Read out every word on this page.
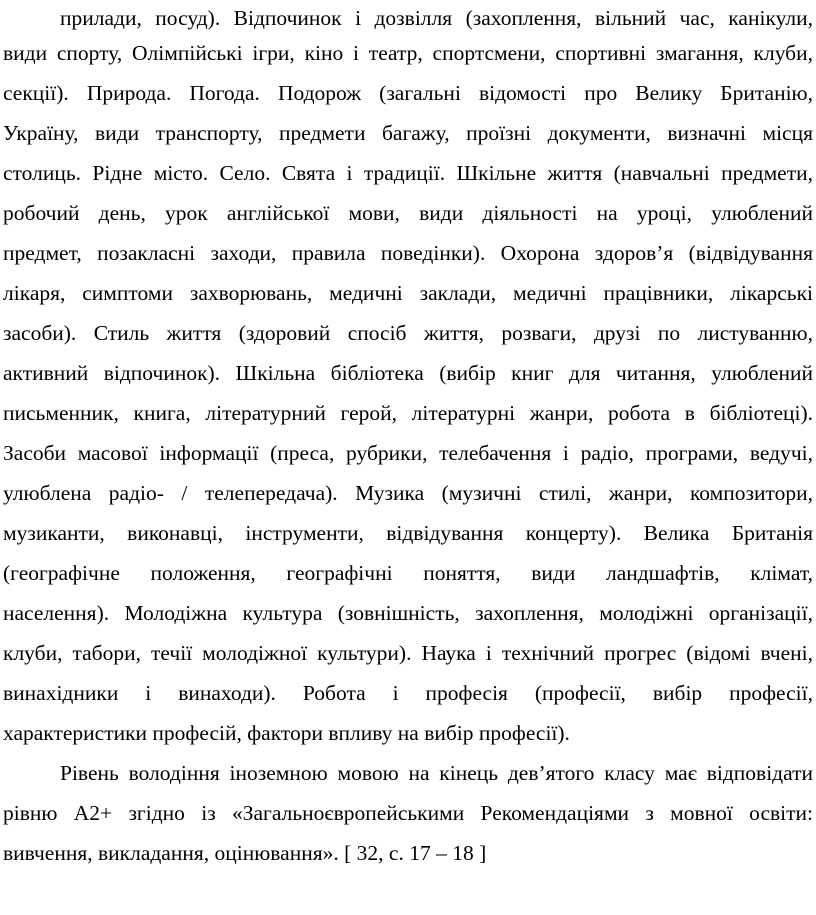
прилади, посуд). Відпочинок і дозвілля (захоплення, вільний час, канікули,
види спорту, Олімпійські ігри, кіно і театр, спортсмени, спортивні змагання, клуби,
секції). Природа. Погода. Подорож (загальні відомості про Велику Британію,
Україну, види транспорту, предмети багажу, проїзні документи, визначні місця
столиць. Рідне місто. Село. Свята і традиції. Шкільне життя (навчальні предмети,
робочий день, урок англійської мови, види діяльності на уроці, улюблений
предмет, позакласні заходи, правила поведінки). Охорона здоров’я (відвідування
лікаря, симптоми захворювань, медичні заклади, медичні працівники, лікарські
засоби). Стиль життя (здоровий спосіб життя, розваги, друзі по листуванню,
активний відпочинок). Шкільна бібліотека (вибір книг для читання, улюблений
письменник, книга, літературний герой, літературні жанри, робота в бібліотеці).
Засоби масової інформації (преса, рубрики, телебачення і радіо, програми, ведучі,
улюблена радіо- / телепередача). Музика (музичні стилі, жанри, композитори,
музиканти, виконавці, інструменти, відвідування концерту). Велика Британія
(географічне положення, географічні поняття, види ландшафтів, клімат,
населення). Молодіжна культура (зовнішність, захоплення, молодіжні організації,
клуби, табори, течії молодіжної культури). Наука і технічний прогрес (відомі вчені,
винахідники і винаходи). Робота і професія (професії, вибір професії,
характеристики професій, фактори впливу на вибір професії).
Рівень володіння іноземною мовою на кінець дев’ятого класу має відповідати
рівню А2+ згідно із «Загальноєвропейськими Рекомендаціями з мовної освіти:
вивчення, викладання, оцінювання». [ 32, с. 17 – 18 ]
